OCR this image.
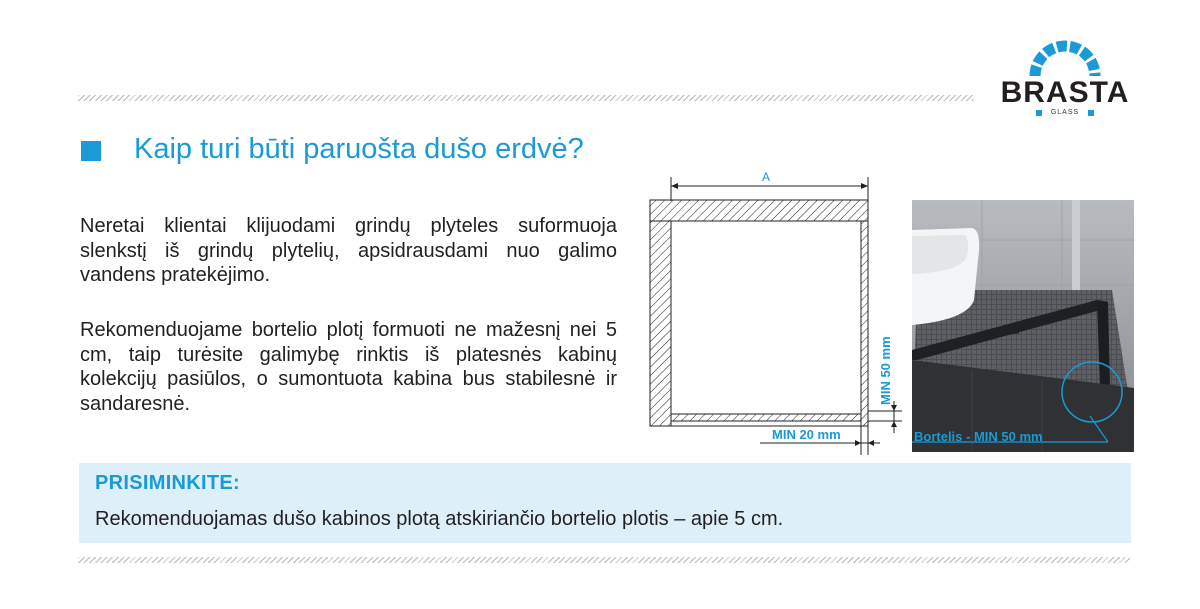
BRASTA
GLASS
Kaip turi būti paruošta dušo erdvė?

Neretai klientai klijuodami grindų plyteles suformuoja slenkstį iš grindų plytelių, apsidrausdami nuo galimo vandens pratekėjimo.

Rekomenduojame bortelio plotį formuoti ne mažesnį nei 5 cm, taip turėsite galimybę rinktis iš platesnės kabinų kolekcijų pasiūlos, o sumontuota kabina bus stabilesnė ir sandaresnė.

A
MIN 50 mm
MIN 20 mm	Bortelis - MIN 50 mm

PRISIMINKITE:

Rekomenduojamas dušo kabinos plotą atskiriančio bortelio plotis – apie 5 cm.
